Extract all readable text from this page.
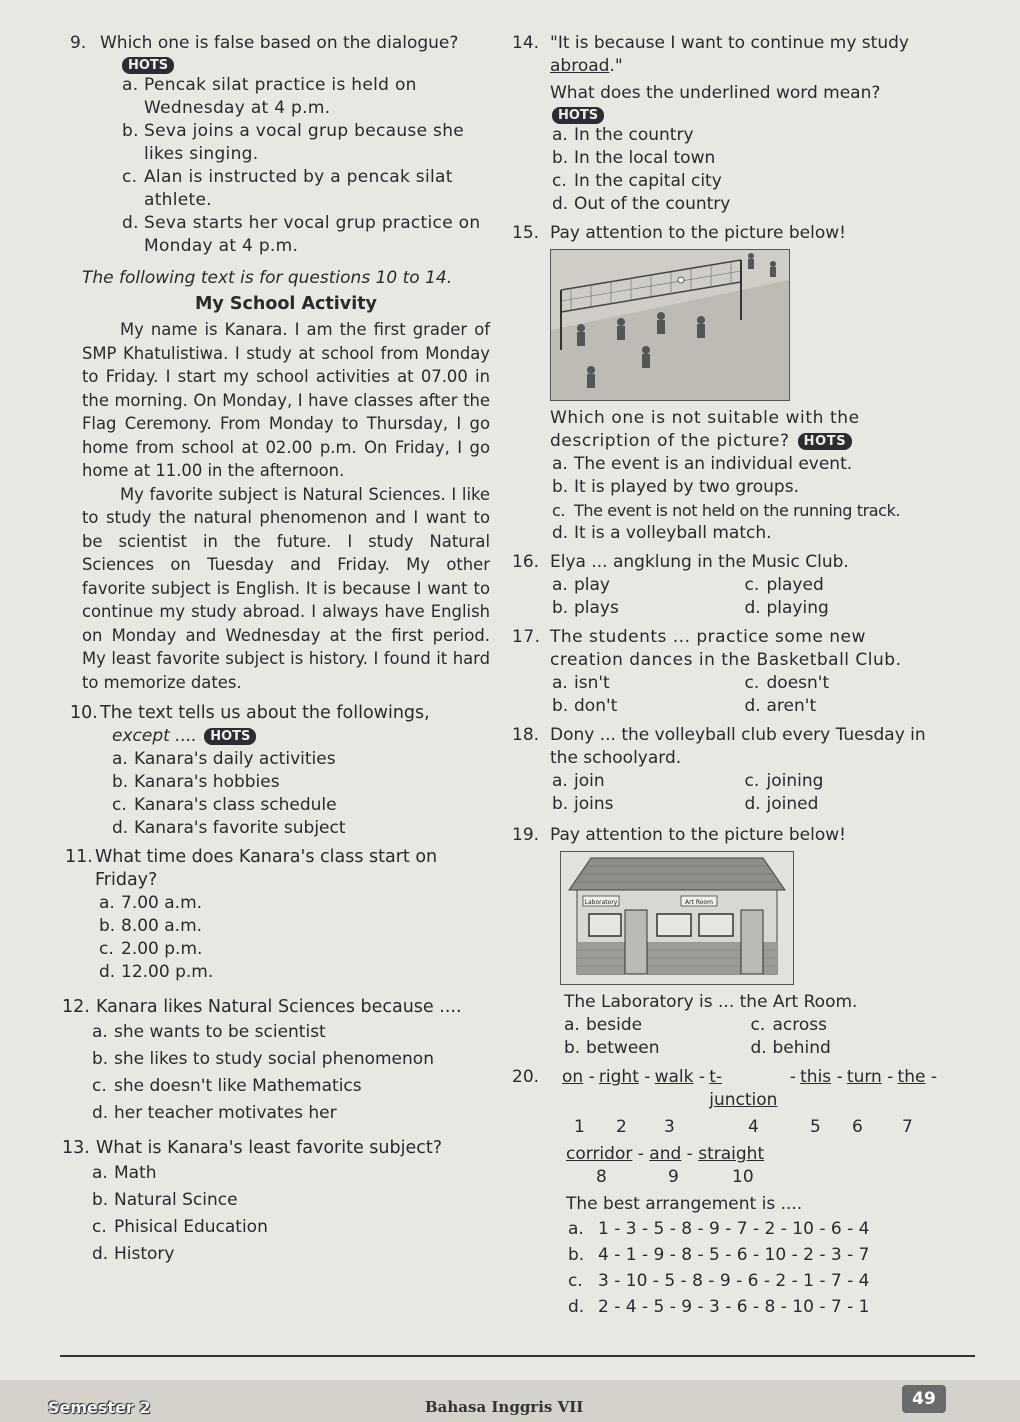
9. Which one is false based on the dialogue?
HOTS
a. Pencak silat practice is held on Wednesday at 4 p.m.
b. Seva joins a vocal grup because she likes singing.
c. Alan is instructed by a pencak silat athlete.
d. Seva starts her vocal grup practice on Monday at 4 p.m.

The following text is for questions 10 to 14.

My School Activity

My name is Kanara. I am the first grader of SMP Khatulistiwa. I study at school from Monday to Friday. I start my school activities at 07.00 in the morning. On Monday, I have classes after the Flag Ceremony. From Monday to Thursday, I go home from school at 02.00 p.m. On Friday, I go home at 11.00 in the afternoon.

My favorite subject is Natural Sciences. I like to study the natural phenomenon and I want to be scientist in the future. I study Natural Sciences on Tuesday and Friday. My other favorite subject is English. It is because I want to continue my study abroad. I always have English on Monday and Wednesday at the first period. My least favorite subject is history. I found it hard to memorize dates.

10. The text tells us about the followings,
except .... HOTS
a. Kanara's daily activities
b. Kanara's hobbies
c. Kanara's class schedule
d. Kanara's favorite subject
11. What time does Kanara's class start on Friday?
a. 7.00 a.m.
b. 8.00 a.m.
c. 2.00 p.m.
d. 12.00 p.m.
12. Kanara likes Natural Sciences because ....
a. she wants to be scientist
b. she likes to study social phenomenon
c. she doesn't like Mathematics
d. her teacher motivates her
13. What is Kanara's least favorite subject?
a. Math
b. Natural Scince
c. Phisical Education
d. History
14. "It is because I want to continue my study abroad."
What does the underlined word mean?
HOTS
a. In the country
b. In the local town
c. In the capital city
d. Out of the country
15. Pay attention to the picture below!
Which one is not suitable with the description of the picture? HOTS
a. The event is an individual event.
b. It is played by two groups.
c. The event is not held on the running track.
d. It is a volleyball match.
16. Elya ... angklung in the Music Club.
a. play	c. played
b. plays	d. playing
17. The students ... practice some new creation dances in the Basketball Club.
a. isn't	c. doesn't
b. don't	d. aren't
18. Dony ... the volleyball club every Tuesday in the schoolyard.
a. join	c. joining
b. joins	d. joined
19. Pay attention to the picture below!
Laboratory	Art Room
The Laboratory is ... the Art Room.
a. beside	c. across
b. between	d. behind
20.	on -
right -
walk -
t-junction
-
this -
turn -
the -
1	2	3	4	5	6	7
corridor - and - straight
8	9	10
The best arrangement is ....
a. 1 - 3 - 5 - 8 - 9 - 7 - 2 - 10 - 6 - 4
b. 4 - 1 - 9 - 8 - 5 - 6 - 10 - 2 - 3 - 7
c. 3 - 10 - 5 - 8 - 9 - 6 - 2 - 1 - 7 - 4
d. 2 - 4 - 5 - 9 - 3 - 6 - 8 - 10 - 7 - 1
Semester 2	Bahasa Inggris VII	49
